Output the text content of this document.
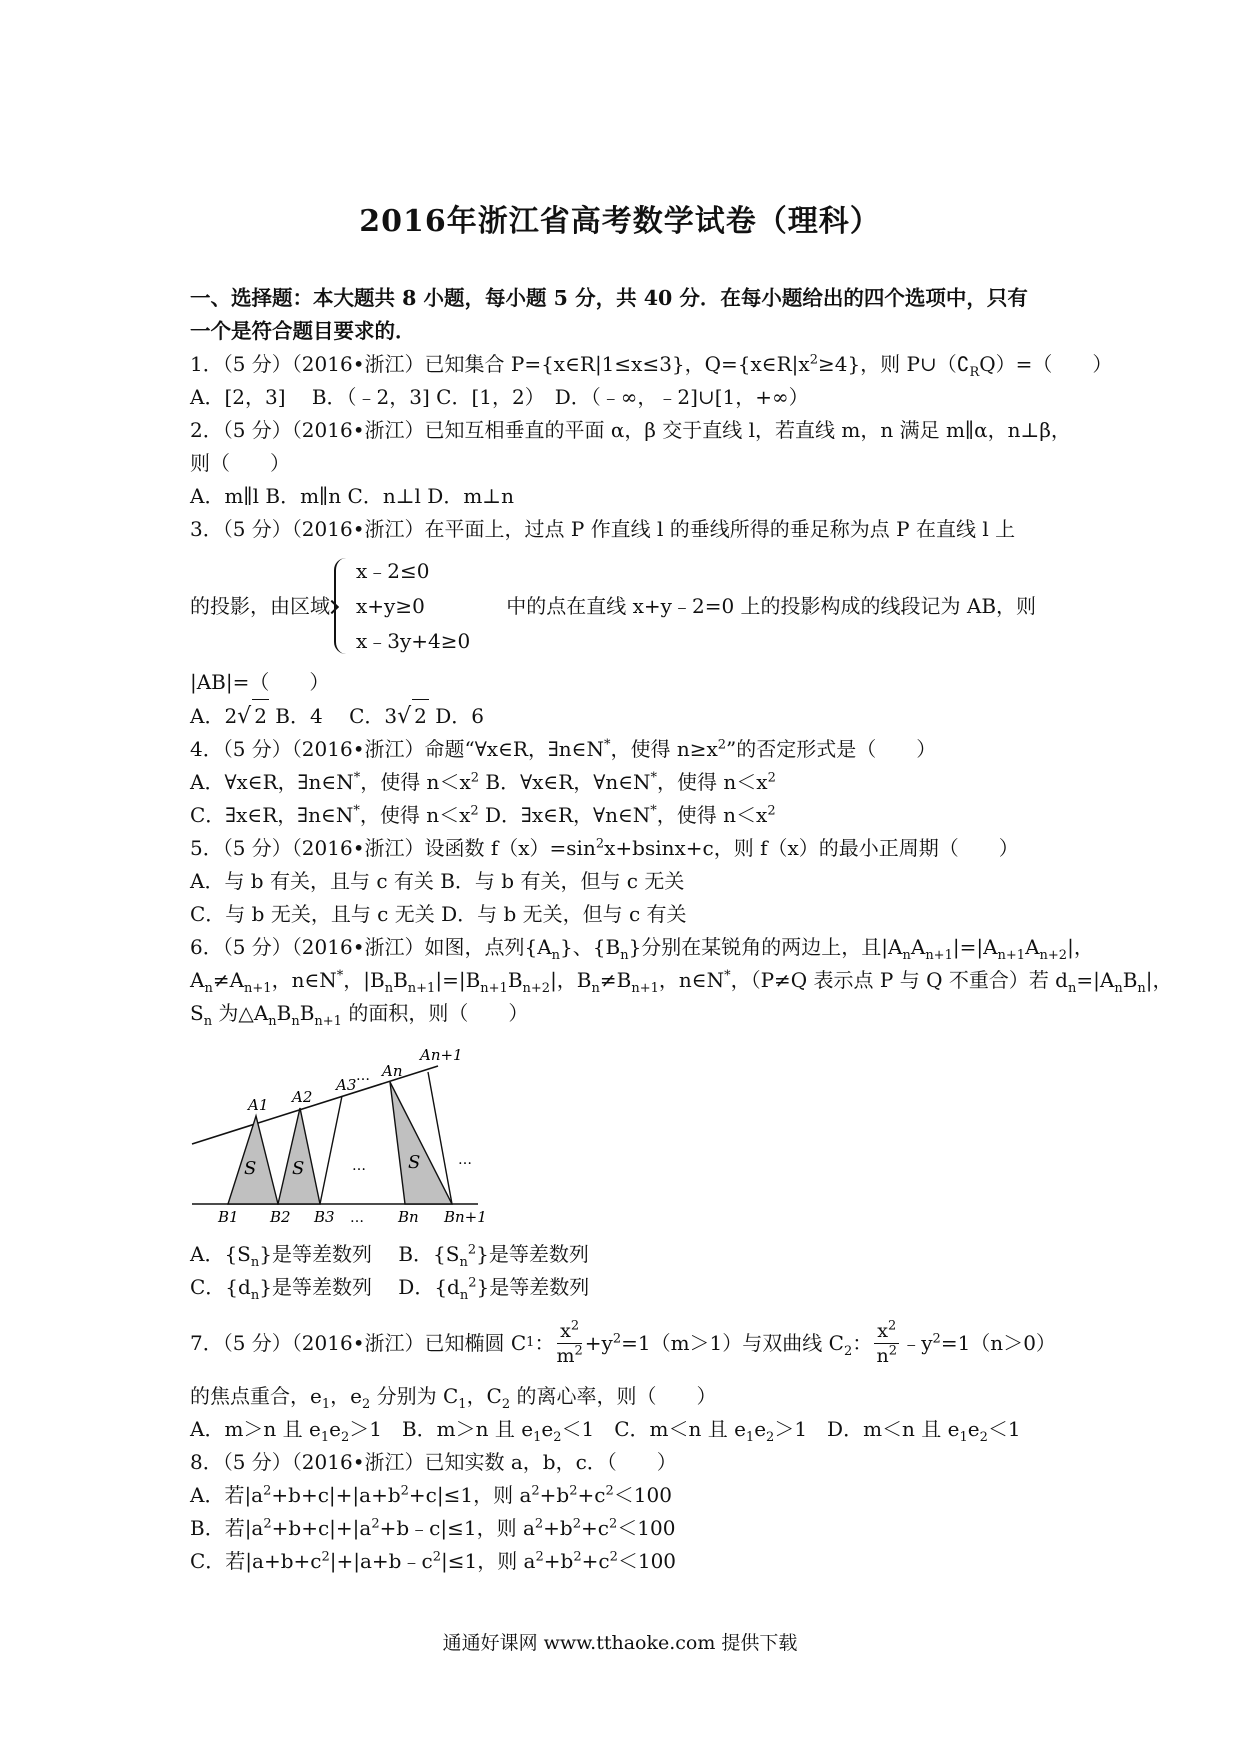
2016年浙江省高考数学试卷（理科）
一、选择题：本大题共 8 小题，每小题 5 分，共 40 分．在每小题给出的四个选项中，只有
一个是符合题目要求的．
1．（5 分）（2016•浙江）已知集合 P={x∈R|1≤x≤3}，$Q=\{x\in R|x^2\ge 4\}$，则 $P\cup(∁_RQ)=$（　　）
A．[2，3]　 B．（﹣2，3] C．[1，2）　D．（﹣∞，﹣2]∪[1，+∞）
2．（5 分）（2016•浙江）已知互相垂直的平面 α，β 交于直线 l，若直线 m，n 满足 m∥α，n⊥β，
则（　　）
A．m∥l B．m∥n C．n⊥l D．m⊥n
3．（5 分）（2016•浙江）在平面上，过点 P 作直线 l 的垂线所得的垂足称为点 P 在直线 l 上
的投影，由区域
x﹣2≤0
x+y≥0
x﹣3y+4≥0
中的点在直线 x+y﹣2=0 上的投影构成的线段记为 AB，则
|AB|=（　　）
A．2√ 2 B．4　 C．3√ 2 D．6
4．（5 分）（2016•浙江）命题“∀x∈R，∃n∈N*，使得 $n\ge x^2$”的否定形式是（　　）
A．∀x∈R，∃n∈N*，使得 $n<x^2$ B．∀x∈R，∀n∈N*，使得 $n<x^2$
C．∃x∈R，∃n∈N*，使得 $n<x^2$ D．∃x∈R，∀n∈N*，使得 $n<x^2$
5．（5 分）（2016•浙江）设函数 $f(x)=\sin^2x+bsinx+c$，则 f（x）的最小正周期（　　）
A．与 b 有关，且与 c 有关 B．与 b 有关，但与 c 无关
C．与 b 无关，且与 c 无关 D．与 b 无关，但与 c 有关
6．（5 分）（2016•浙江）如图，点列$\{A_n\}$、$\{B_n\}$分别在某锐角的两边上，且$|A_nA_{n+1}|=|A_{n+1}A_{n+2}|$，
$A_n\ne A_{n+1}$，n∈N*，$|B_nB_{n+1}|=|B_{n+1}B_{n+2}|$，$B_n\ne B_{n+1}$，n∈N*，（P≠Q 表示点 P 与 Q 不重合）若 $d_n=|A_nB_n|$，
$S_n$ 为$\triangle A_nB_nB_{n+1}$ 的面积，则（　　）
S S	S
…	…
…
…
A1 A2
A3
An
An+1
B1 B2 B3	Bn Bn+1
A．$\{S_n\}$是等差数列　 B．$\{S_n^2\}$是等差数列
C．$\{d_n\}$是等差数列　 D．$\{d_n^2\}$是等差数列
7．（5 分）（2016•浙江）已知椭圆 C 1 ： $\frac{x^2}{m^2} +y^2=1(m>1)$与双曲线 $C_2$： $\frac{x^2}{n^2}$ $﹣y^2=1(n>0)$
的焦点重合，$e_1$，$e_2$ 分别为 $C_1$，$C_2$ 的离心率，则（　　）
A．m＞n 且 $e_1e_2>1$　B．m＞n 且 $e_1e_2<1$　C．m＜n 且 $e_1e_2>1$　D．m＜n 且 $e_1e_2<1$
8．（5 分）（2016•浙江）已知实数 a，b，c．（　　）
A．若$|a^2+b+c|+|a+b^2+c|\le 1$，则 $a^2+b^2+c^2<100$
B．若$|a^2+b+c|+|a^2+b﹣c|\le 1$，则 $a^2+b^2+c^2<100$
C．若$|a+b+c^2|+|a+b﹣c^2|\le 1$，则 $a^2+b^2+c^2<100$
通通好课网 www.tthaoke.com 提供下载
